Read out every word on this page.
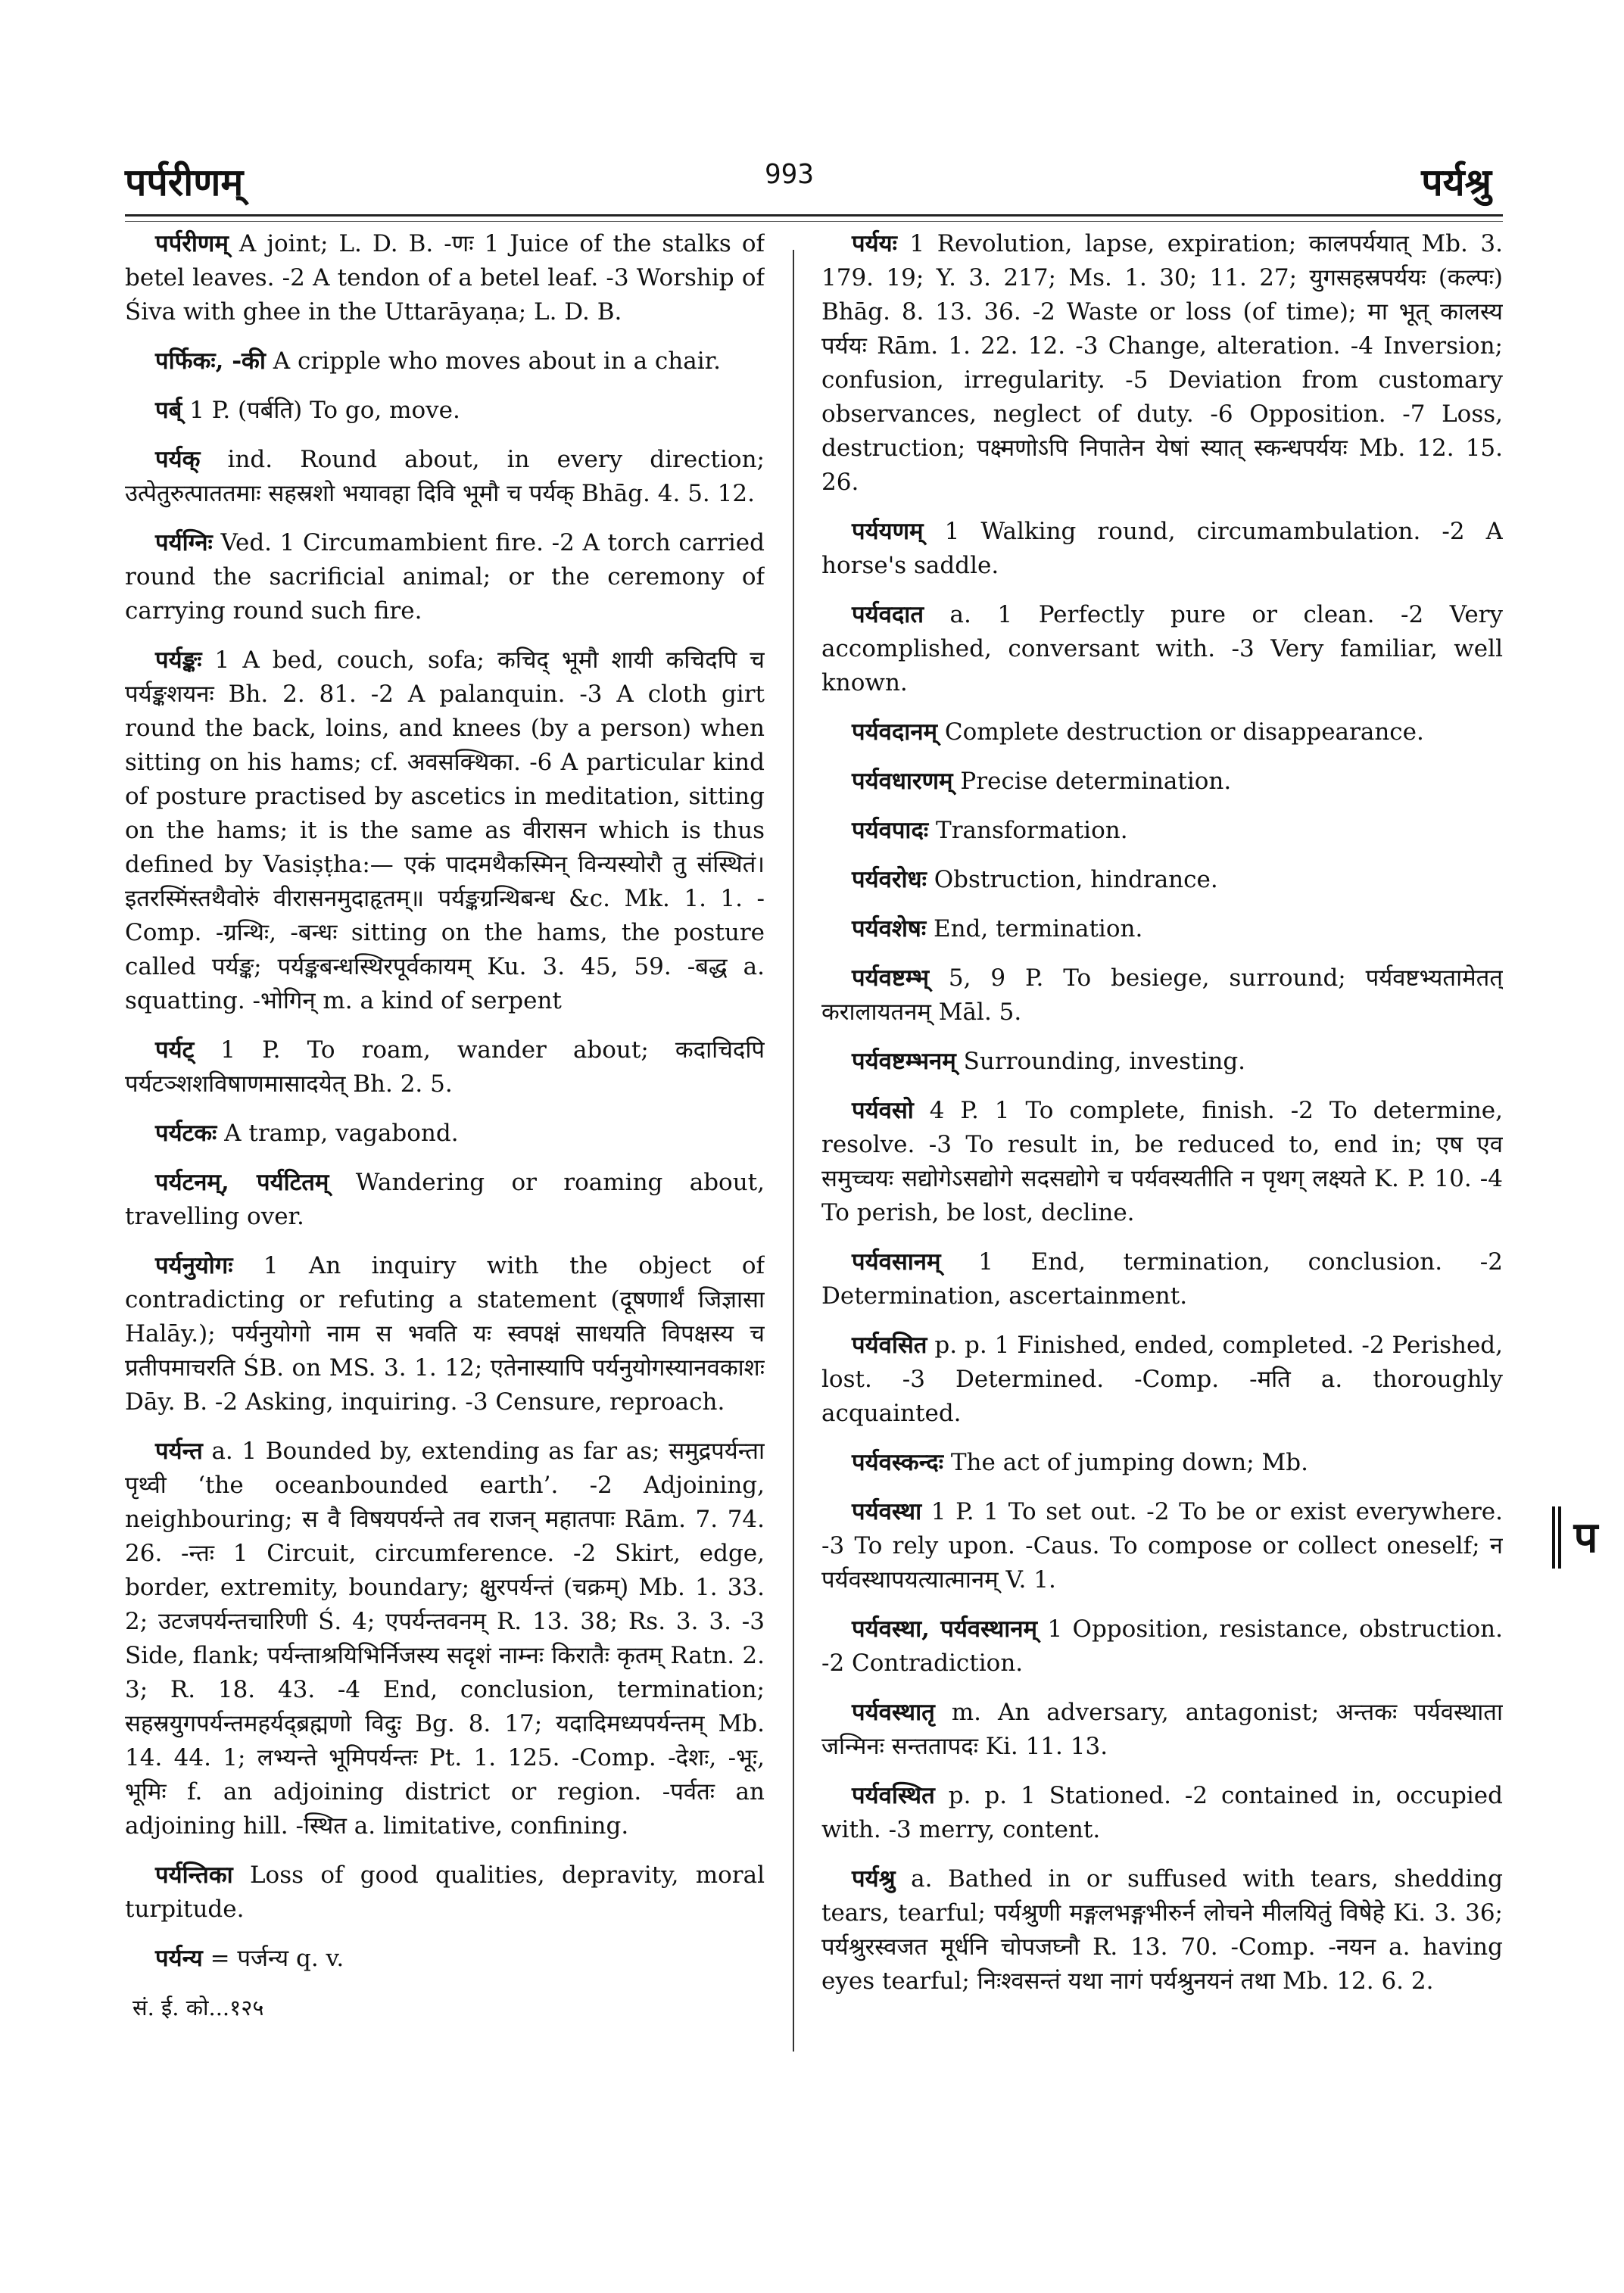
पर्परीणम्	993	पर्यश्रु

पर्परीणम् A joint; L. D. B. -णः 1 Juice of the stalks of betel leaves. -2 A tendon of a betel leaf. -3 Worship of Śiva with ghee in the Uttarāyaṇa; L. D. B.

पर्फिकः, -की A cripple who moves about in a chair.

पर्ब् 1 P. (पर्बति) To go, move.

पर्यक् ind. Round about, in every direction; उत्पेतुरुत्पाततमाः सहस्रशो भयावहा दिवि भूमौ च पर्यक् Bhāg. 4. 5. 12.

पर्यग्निः Ved. 1 Circumambient fire. -2 A torch carried round the sacrificial animal; or the ceremony of carrying round such fire.

पर्यङ्कः 1 A bed, couch, sofa; कचिद् भूमौ शायी कचिदपि च पर्यङ्कशयनः Bh. 2. 81. -2 A palanquin. -3 A cloth girt round the back, loins, and knees (by a person) when sitting on his hams; cf. अवसक्थिका. -6 A particular kind of posture practised by ascetics in meditation, sitting on the hams; it is the same as वीरासन which is thus defined by Vasiṣṭha:— एकं पादमथैकस्मिन् विन्यस्योरौ तु संस्थितं। इतरस्मिंस्तथैवोरुं वीरासनमुदाहृतम्॥ पर्यङ्कग्रन्थिबन्ध &c. Mk. 1. 1. -Comp. -ग्रन्थिः, -बन्धः sitting on the hams, the posture called पर्यङ्क; पर्यङ्कबन्धस्थिरपूर्वकायम् Ku. 3. 45, 59. -बद्ध a. squatting. -भोगिन् m. a kind of serpent

पर्यट् 1 P. To roam, wander about; कदाचिदपि पर्यटञ्शशविषाणमासादयेत् Bh. 2. 5.

पर्यटकः A tramp, vagabond.

पर्यटनम्, पर्यटितम् Wandering or roaming about, travelling over.

पर्यनुयोगः 1 An inquiry with the object of contradicting or refuting a statement (दूषणार्थं जिज्ञासा Halāy.); पर्यनुयोगो नाम स भवति यः स्वपक्षं साधयति विपक्षस्य च प्रतीपमाचरति ŚB. on MS. 3. 1. 12; एतेनास्यापि पर्यनुयोगस्यानवकाशः Dāy. B. -2 Asking, inquiring. -3 Censure, reproach.

पर्यन्त a. 1 Bounded by, extending as far as; समुद्रपर्यन्ता पृथ्वी ‘the oceanbounded earth’. -2 Adjoining, neighbouring; स वै विषयपर्यन्ते तव राजन् महातपाः Rām. 7. 74. 26. -न्तः 1 Circuit, circumference. -2 Skirt, edge, border, extremity, boundary; क्षुरपर्यन्तं (चक्रम्) Mb. 1. 33. 2; उटजपर्यन्तचारिणी Ś. 4; एपर्यन्तवनम् R. 13. 38; Rs. 3. 3. -3 Side, flank; पर्यन्ताश्रयिभिर्निजस्य सदृशं नाम्नः किरातैः कृतम् Ratn. 2. 3; R. 18. 43. -4 End, conclusion, termination; सहस्रयुगपर्यन्तमहर्यद्ब्रह्मणो विदुः Bg. 8. 17; यदादिमध्यपर्यन्तम् Mb. 14. 44. 1; लभ्यन्ते भूमिपर्यन्तः Pt. 1. 125. -Comp. -देशः, -भूः, भूमिः f. an adjoining district or region. -पर्वतः an adjoining hill. -स्थित a. limitative, confining.

पर्यन्तिका Loss of good qualities, depravity, moral turpitude.

पर्यन्य = पर्जन्य q. v.

सं. ई. को...१२५

पर्ययः 1 Revolution, lapse, expiration; कालपर्ययात् Mb. 3. 179. 19; Y. 3. 217; Ms. 1. 30; 11. 27; युगसहस्रपर्ययः (कल्पः) Bhāg. 8. 13. 36. -2 Waste or loss (of time); मा भूत् कालस्य पर्ययः Rām. 1. 22. 12. -3 Change, alteration. -4 Inversion; confusion, irregularity. -5 Deviation from customary observances, neglect of duty. -6 Opposition. -7 Loss, destruction; पक्ष्मणोऽपि निपातेन येषां स्यात् स्कन्धपर्ययः Mb. 12. 15. 26.

पर्ययणम् 1 Walking round, circumambulation. -2 A horse's saddle.

पर्यवदात a. 1 Perfectly pure or clean. -2 Very accomplished, conversant with. -3 Very familiar, well known.

पर्यवदानम् Complete destruction or disappearance.

पर्यवधारणम् Precise determination.

पर्यवपादः Transformation.

पर्यवरोधः Obstruction, hindrance.

पर्यवशेषः End, termination.

पर्यवष्टम्भ् 5, 9 P. To besiege, surround; पर्यवष्टभ्यतामेतत् करालायतनम् Māl. 5.

पर्यवष्टम्भनम् Surrounding, investing.

पर्यवसो 4 P. 1 To complete, finish. -2 To determine, resolve. -3 To result in, be reduced to, end in; एष एव समुच्चयः सद्योगेऽसद्योगे सदसद्योगे च पर्यवस्यतीति न पृथग् लक्ष्यते K. P. 10. -4 To perish, be lost, decline.

पर्यवसानम् 1 End, termination, conclusion. -2 Determination, ascertainment.

पर्यवसित p. p. 1 Finished, ended, completed. -2 Perished, lost. -3 Determined. -Comp. -मति a. thoroughly acquainted.

पर्यवस्कन्दः The act of jumping down; Mb.

पर्यवस्था 1 P. 1 To set out. -2 To be or exist everywhere. -3 To rely upon. -Caus. To compose or collect oneself; न पर्यवस्थापयत्यात्मानम् V. 1.

पर्यवस्था, पर्यवस्थानम् 1 Opposition, resistance, obstruction. -2 Contradiction.

पर्यवस्थातृ m. An adversary, antagonist; अन्तकः पर्यवस्थाता जन्मिनः सन्ततापदः Ki. 11. 13.

पर्यवस्थित p. p. 1 Stationed. -2 contained in, occupied with. -3 merry, content.

पर्यश्रु a. Bathed in or suffused with tears, shedding tears, tearful; पर्यश्रुणी मङ्गलभङ्गभीरुर्न लोचने मीलयितुं विषेहे Ki. 3. 36; पर्यश्रुरस्वजत मूर्धनि चोपजघ्नौ R. 13. 70. -Comp. -नयन a. having eyes tearful; निःश्वसन्तं यथा नागं पर्यश्रुनयनं तथा Mb. 12. 6. 2.

प
